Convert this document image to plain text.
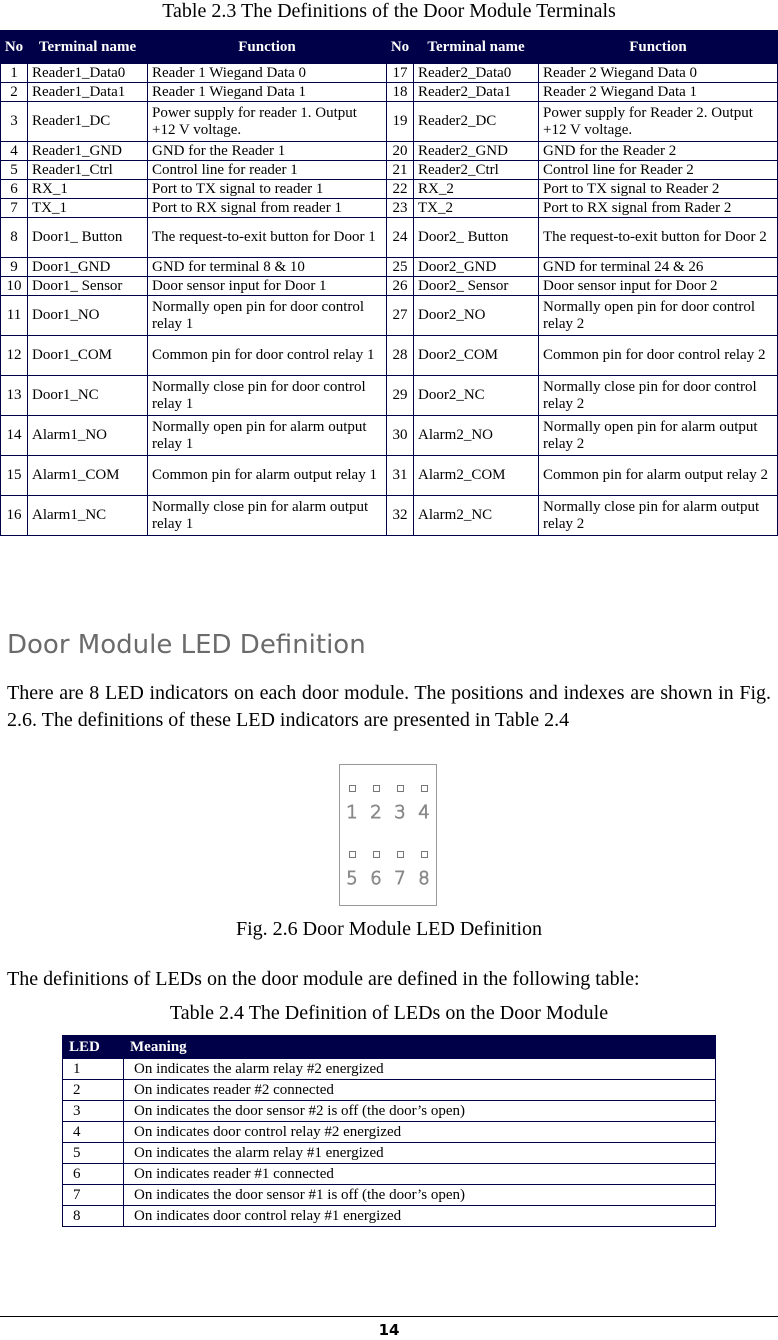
Table 2.3 The Definitions of the Door Module Terminals
No	Terminal name	Function	No	Terminal name	Function
1	Reader1_Data0	Reader 1 Wiegand Data 0	17	Reader2_Data0	Reader 2 Wiegand Data 0
2	Reader1_Data1	Reader 1 Wiegand Data 1	18	Reader2_Data1	Reader 2 Wiegand Data 1
3	Reader1_DC	Power supply for reader 1. Output +12 V voltage.	19	Reader2_DC	Power supply for Reader 2. Output +12 V voltage.
4	Reader1_GND	GND for the Reader 1	20	Reader2_GND	GND for the Reader 2
5	Reader1_Ctrl	Control line for reader 1	21	Reader2_Ctrl	Control line for Reader 2
6	RX_1	Port to TX signal to reader 1	22	RX_2	Port to TX signal to Reader 2
7	TX_1	Port to RX signal from reader 1	23	TX_2	Port to RX signal from Rader 2
8	Door1_ Button	The request-to-exit button for Door 1	24	Door2_ Button	The request-to-exit button for Door 2
9	Door1_GND	GND for terminal 8 & 10	25	Door2_GND	GND for terminal 24 & 26
10	Door1_ Sensor	Door sensor input for Door 1	26	Door2_ Sensor	Door sensor input for Door 2
11	Door1_NO	Normally open pin for door control relay 1	27	Door2_NO	Normally open pin for door control relay 2
12	Door1_COM	Common pin for door control relay 1	28	Door2_COM	Common pin for door control relay 2
13	Door1_NC	Normally close pin for door control relay 1	29	Door2_NC	Normally close pin for door control relay 2
14	Alarm1_NO	Normally open pin for alarm output relay 1	30	Alarm2_NO	Normally open pin for alarm output relay 2
15	Alarm1_COM	Common pin for alarm output relay 1	31	Alarm2_COM	Common pin for alarm output relay 2
16	Alarm1_NC	Normally close pin for alarm output relay 1	32	Alarm2_NC	Normally close pin for alarm output relay 2
Door Module LED Definition
There are 8 LED indicators on each door module. The positions and indexes are shown in Fig. 2.6. The definitions of these LED indicators are presented in Table 2.4
1 2 3 4
5 6 7 8
Fig. 2.6 Door Module LED Definition
The definitions of LEDs on the door module are defined in the following table:
Table 2.4 The Definition of LEDs on the Door Module
LED	Meaning
1	On indicates the alarm relay #2 energized
2	On indicates reader #2 connected
3	On indicates the door sensor #2 is off (the door’s open)
4	On indicates door control relay #2 energized
5	On indicates the alarm relay #1 energized
6	On indicates reader #1 connected
7	On indicates the door sensor #1 is off (the door’s open)
8	On indicates door control relay #1 energized
14
